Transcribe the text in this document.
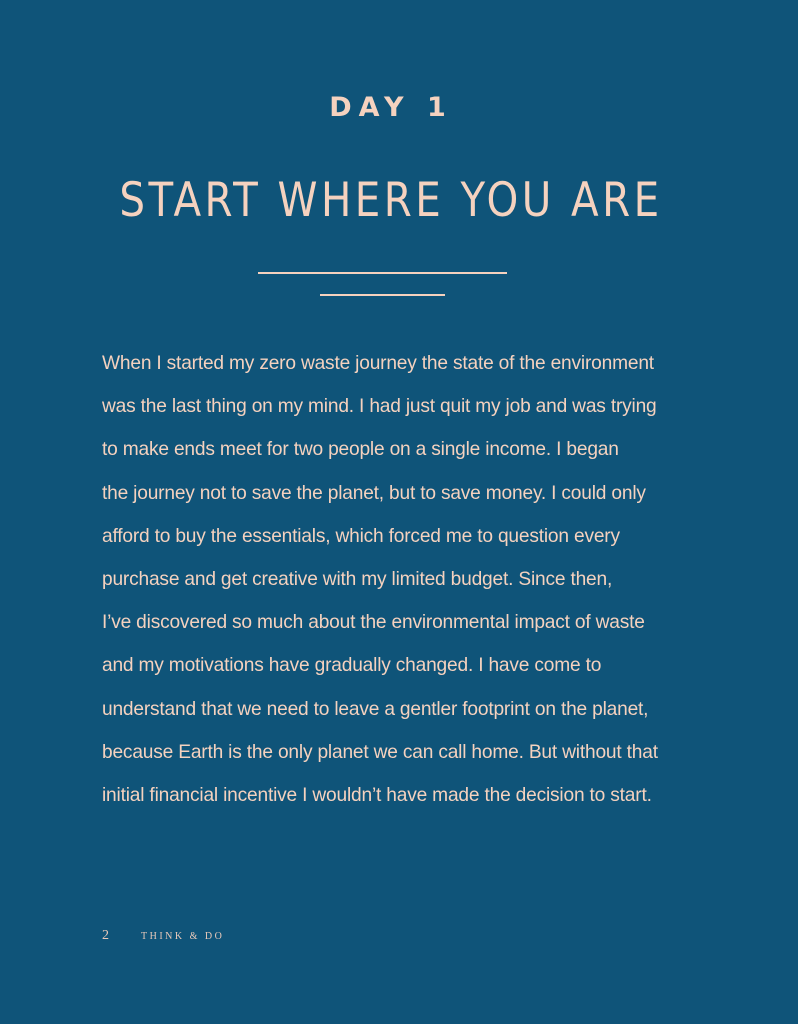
DAY 1
START WHERE YOU ARE
When I started my zero waste journey the state of the environment
was the last thing on my mind. I had just quit my job and was trying
to make ends meet for two people on a single income. I began
the journey not to save the planet, but to save money. I could only
afford to buy the essentials, which forced me to question every
purchase and get creative with my limited budget. Since then,
I’ve discovered so much about the environmental impact of waste
and my motivations have gradually changed. I have come to
understand that we need to leave a gentler footprint on the planet,
because Earth is the only planet we can call home. But without that
initial financial incentive I wouldn’t have made the decision to start.
2	THINK & DO
